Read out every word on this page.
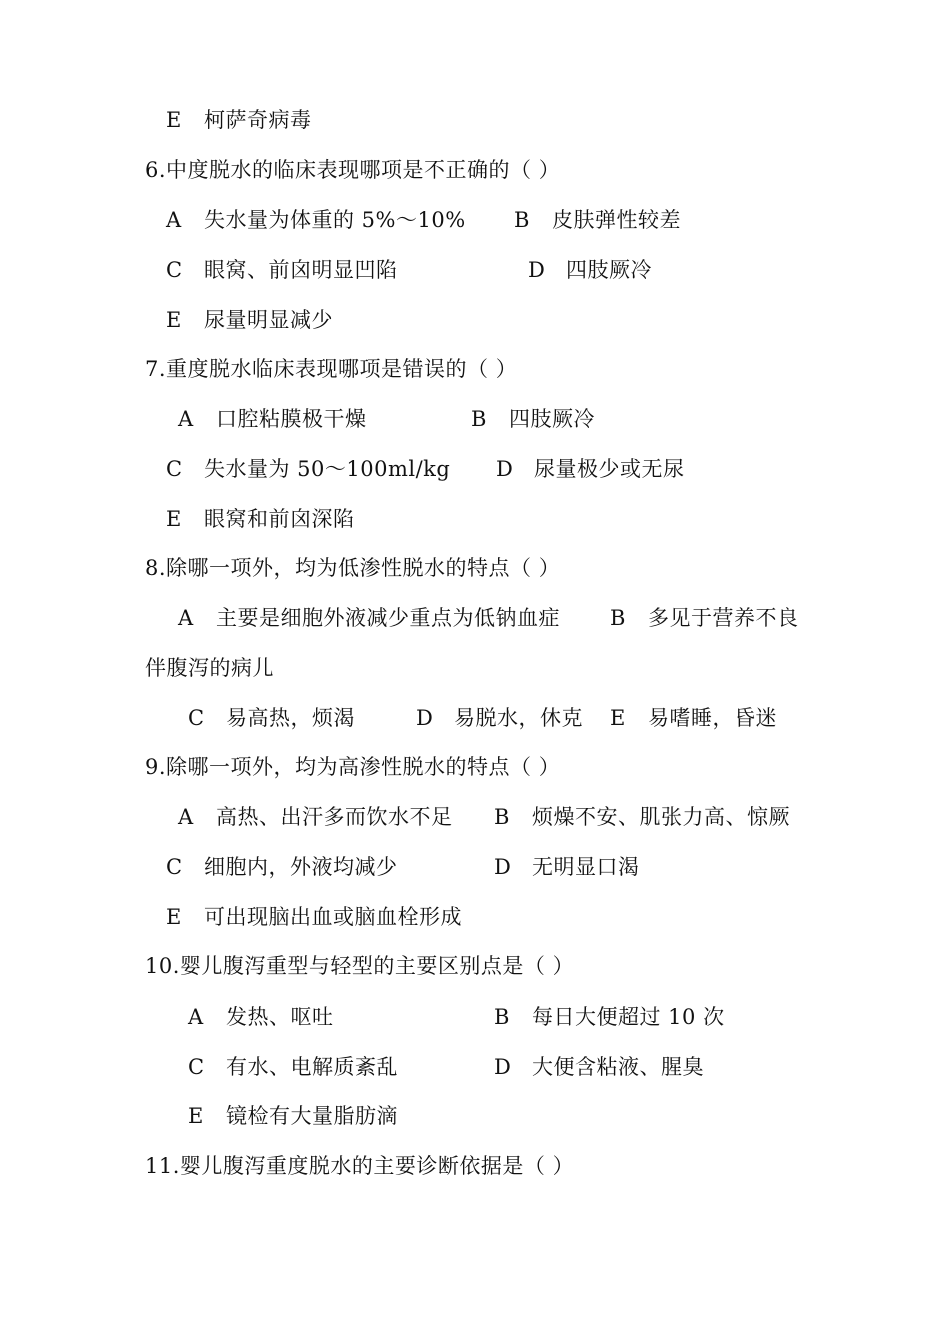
E 柯萨奇病毒
6.中度脱水的临床表现哪项是不正确的（ ）
A 失水量为体重的 5%～10% B 皮肤弹性较差
C 眼窝、前囟明显凹陷	D 四肢厥冷
E 尿量明显减少
7.重度脱水临床表现哪项是错误的（ ）
A 口腔粘膜极干燥	B 四肢厥冷
C 失水量为 50～100ml/kg D 尿量极少或无尿
E 眼窝和前囟深陷
8.除哪一项外，均为低渗性脱水的特点（ ）
A 主要是细胞外液减少重点为低钠血症 B 多见于营养不良
伴腹泻的病儿
C 易高热，烦渴	D 易脱水，休克 E 易嗜睡，昏迷
9.除哪一项外，均为高渗性脱水的特点（ ）
A 高热、出汗多而饮水不足 B 烦燥不安、肌张力高、惊厥
C 细胞内，外液均减少	D 无明显口渴
E 可出现脑出血或脑血栓形成
10.婴儿腹泻重型与轻型的主要区别点是（ ）
A 发热、呕吐	B 每日大便超过 10 次
C 有水、电解质紊乱	D 大便含粘液、腥臭
E 镜检有大量脂肪滴
11.婴儿腹泻重度脱水的主要诊断依据是（ ）
